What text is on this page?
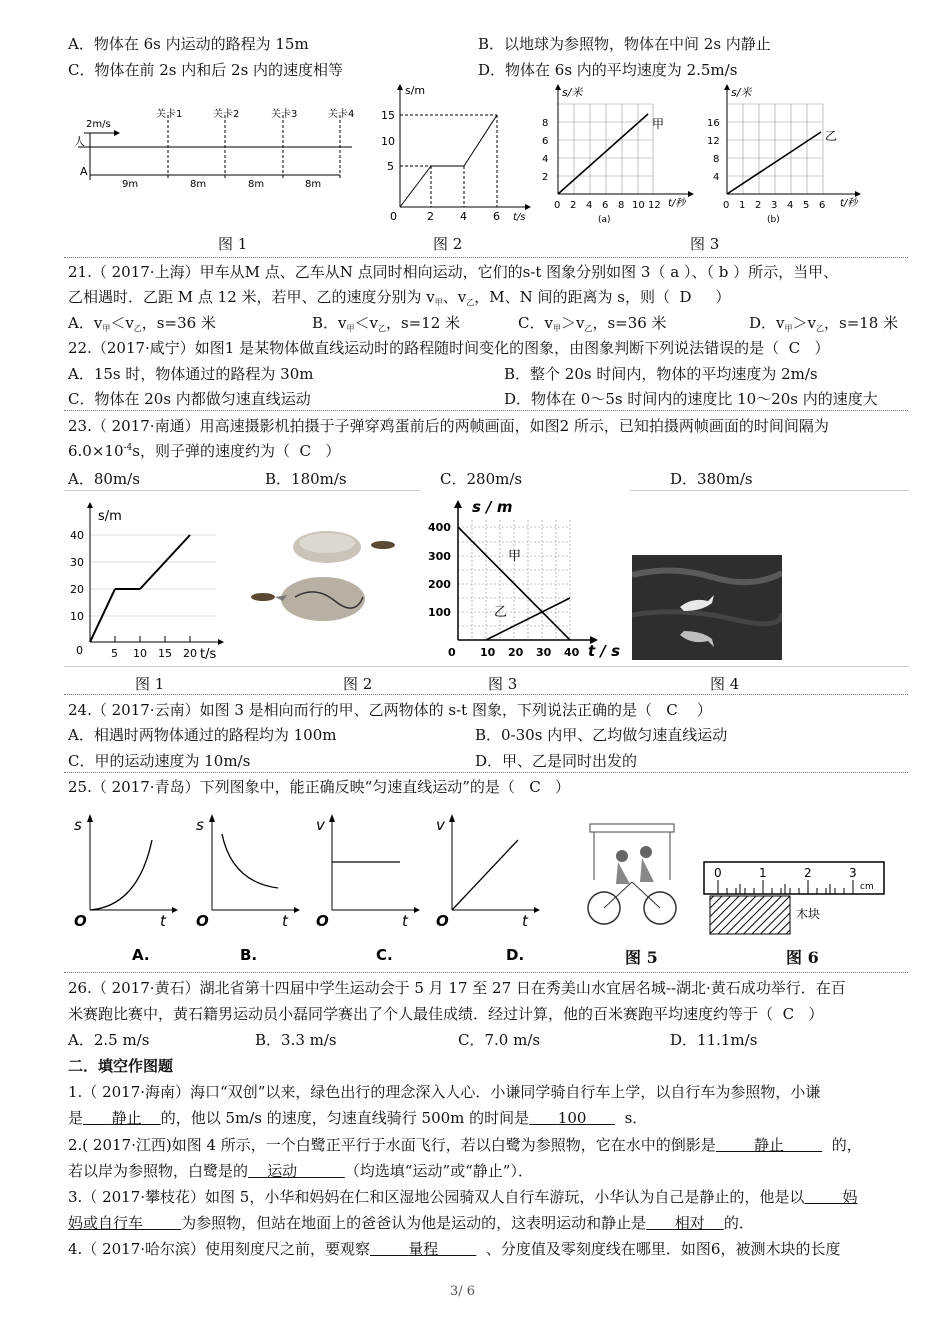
A．物体在 6s 内运动的路程为 15m	B．以地球为参照物，物体在中间 2s 内静止
C．物体在前 2s 内和后 2s 内的速度相等	D．物体在 6s 内的平均速度为 2.5m/s
2m/s
人
A
关卡1	关卡2	关卡3	关卡4
9m	8m	8m	8m
图 1
s/m
t/s
15
10
5
0	2 4 6
图 2
s/米
甲
8
6
4
2
0 2 4 6 8 10 12 t/秒
(a)
s/米
乙
16
12
8
4
0 1 2 3 4 5 6 t/秒
(b)
图 3
21.（ 2017·上海）甲车从M 点、乙车从N 点同时相向运动，它们的s-t 图象分别如图 3（ a ）、（ b ）所示，当甲、
乙相遇时．乙距 M 点 12 米，若甲、乙的速度分别为 $v_甲$、$v_乙$，M、N 间的距离为 s，则（ D ）
A．$v_甲<v_乙$，s=36 米	B．$v_甲<v_乙$，s=12 米	C．$v_甲>v_乙$，s=36 米	D．$v_甲>v_乙$，s=18 米
22.（2017·咸宁）如图1 是某物体做直线运动时的路程随时间变化的图象，由图象判断下列说法错误的是（ C ）
A．15s 时，物体通过的路程为 30m	B．整个 20s 时间内，物体的平均速度为 2m/s
C．物体在 20s 内都做匀速直线运动	D．物体在 0～5s 时间内的速度比 10～20s 内的速度大
23.（ 2017·南通）用高速摄影机拍摄于子弹穿鸡蛋前后的两帧画面，如图2 所示，已知拍摄两帧画面的时间间隔为
$6.0\times 10^{-4}s$，则子弹的速度约为（ C ）
A．80m/s	B．180m/s	C．280m/s	D．380m/s
s/m
t/s
40
30
20
10
0	5 10 15 20
图 1	图 2
s / m
t / s
甲
乙
400
300
200
100
0 10 20 30 40
图 3	图 4
24.（ 2017·云南）如图 3 是相向而行的甲、乙两物体的 s-t 图象，下列说法正确的是（ C ）
A．相遇时两物体通过的路程均为 100m	B．0-30s 内甲、乙均做匀速直线运动
C．甲的运动速度为 10m/s	D．甲、乙是同时出发的
25.（ 2017·青岛）下列图象中，能正确反映“匀速直线运动”的是（ C ）
s
t
O
A.
s
t
O
B.
v
t
O
C.
v
t
O
D.	图 5
0	1	2	3
cm
木块
图 6
26.（ 2017·黄石）湖北省第十四届中学生运动会于 5 月 17 至 27 日在秀美山水宜居名城--湖北·黄石成功举行．在百
米赛跑比赛中，黄石籍男运动员小磊同学赛出了个人最佳成绩．经过计算，他的百米赛跑平均速度约等于（ C ）
A．2.5 m/s	B．3.3 m/s	C．7.0 m/s	D．11.1m/s
二．填空作图题
1.（ 2017·海南）海口“双创”以来，绿色出行的理念深入人心．小谦同学骑自行车上学，以自行车为参照物，小谦
是 静止 的，他以 5m/s 的速度，匀速直线骑行 500m 的时间是 100	s．
2.( 2017·江西)如图 4 所示，一个白鹭正平行于水面飞行，若以白鹭为参照物，它在水中的倒影是	静止	的，
若以岸为参照物，白鹭是的 运动	（均选填“运动”或“静止”）．
3.（ 2017·攀枝花）如图 5，小华和妈妈在仁和区湿地公园骑双人自行车游玩，小华认为自己是静止的，他是以	妈
妈或自行车	为参照物，但站在地面上的爸爸认为他是运动的，这表明运动和静止是 相对 的．
4.（ 2017·哈尔滨）使用刻度尺之前，要观察	量程	、分度值及零刻度线在哪里．如图6，被测木块的长度
3/ 6
